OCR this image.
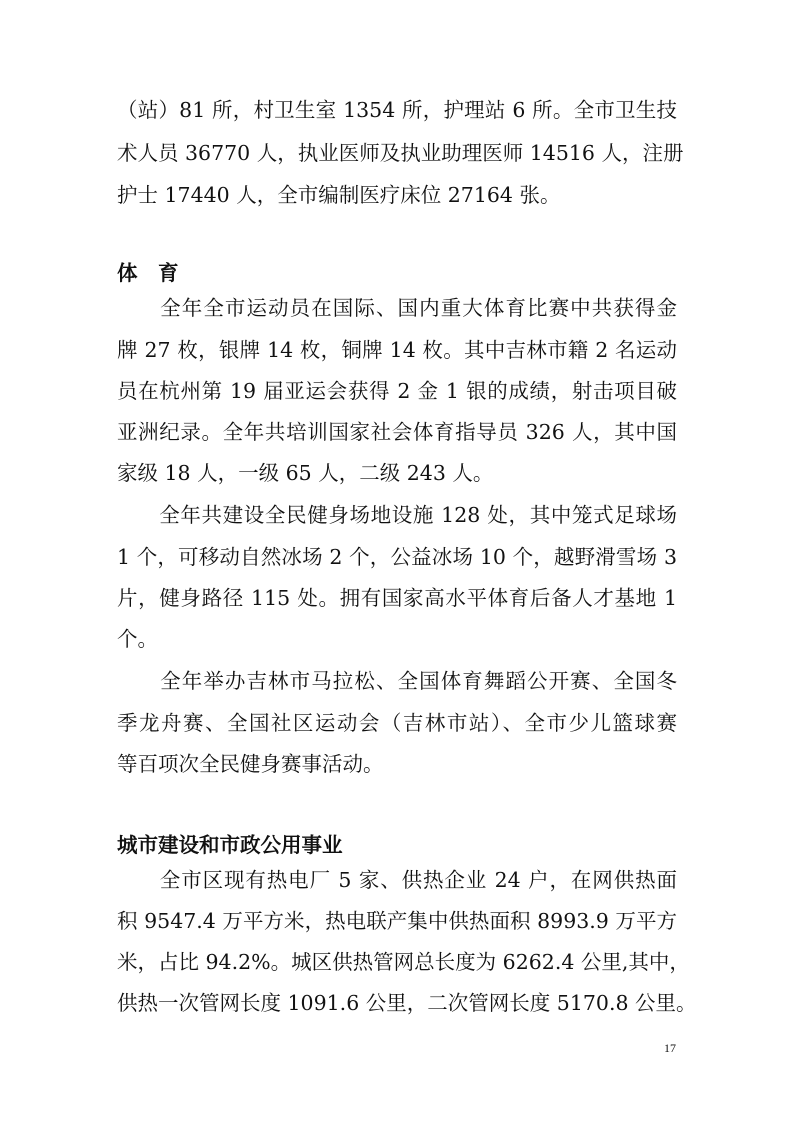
（站）81 所，村卫生室 1354 所，护理站 6 所。全市卫生技
术人员 36770 人，执业医师及执业助理医师 14516 人，注册
护士 17440 人，全市编制医疗床位 27164 张。
体　育
　　全年全市运动员在国际、国内重大体育比赛中共获得金
牌 27 枚，银牌 14 枚，铜牌 14 枚。其中吉林市籍 2 名运动
员在杭州第 19 届亚运会获得 2 金 1 银的成绩，射击项目破
亚洲纪录。全年共培训国家社会体育指导员 326 人，其中国
家级 18 人，一级 65 人，二级 243 人。
　　全年共建设全民健身场地设施 128 处，其中笼式足球场
1 个，可移动自然冰场 2 个，公益冰场 10 个，越野滑雪场 3
片，健身路径 115 处。拥有国家高水平体育后备人才基地 1
个。
　　全年举办吉林市马拉松、全国体育舞蹈公开赛、全国冬
季龙舟赛、全国社区运动会（吉林市站）、全市少儿篮球赛
等百项次全民健身赛事活动。
城市建设和市政公用事业
　　全市区现有热电厂 5 家、供热企业 24 户，在网供热面
积 9547.4 万平方米，热电联产集中供热面积 8993.9 万平方
米，占比 94.2%。城区供热管网总长度为 6262.4 公里,其中，
供热一次管网长度 1091.6 公里，二次管网长度 5170.8 公里。
17
